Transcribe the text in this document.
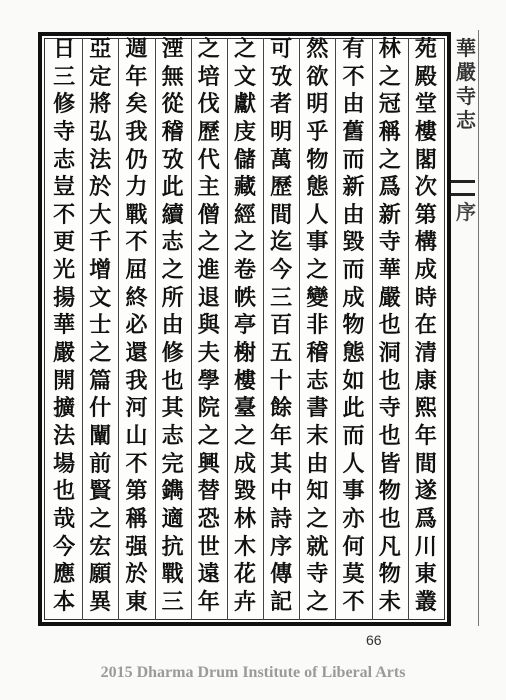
苑
殿
堂
樓
閣
次
第
構
成
時
在
清
康
熙
年
間
遂
爲
川
東
叢
林
之
冠
稱
之
爲
新
寺
華
嚴
也
洞
也
寺
也
皆
物
也
凡
物
未
有
不
由
舊
而
新
由
毀
而
成
物
態
如
此
而
人
事
亦
何
莫
不
然
欲
明
乎
物
態
人
事
之
變
非
稽
志
書
末
由
知
之
就
寺
之
可
攷
者
明
萬
歷
間
迄
今
三
百
五
十
餘
年
其
中
詩
序
傳
記
之
文
獻
庋
儲
藏
經
之
卷
帙
亭
榭
樓
臺
之
成
毀
林
木
花
卉
之
培
伐
歷
代
主
僧
之
進
退
與
夫
學
院
之
興
替
恐
世
遠
年
湮
無
從
稽
攷
此
續
志
之
所
由
修
也
其
志
完
鐫
適
抗
戰
三
週
年
矣
我
仍
力
戰
不
屈
終
必
還
我
河
山
不
第
稱
强
於
東
亞
定
將
弘
法
於
大
千
增
文
士
之
篇
什
闡
前
賢
之
宏
願
異
日
三
修
寺
志
豈
不
更
光
揚
華
嚴
開
擴
法
場
也
哉
今
應
本
華
嚴
寺
志
序
66
2015 Dharma Drum Institute of Liberal Arts
